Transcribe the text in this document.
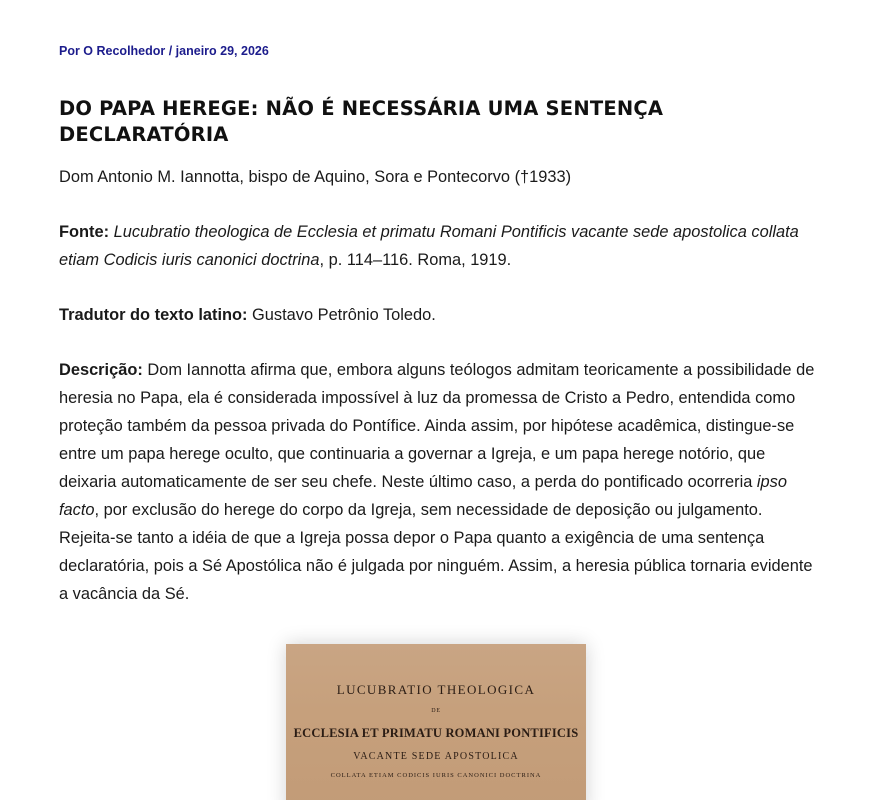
Por O Recolhedor / janeiro 29, 2026
DO PAPA HEREGE: NÃO É NECESSÁRIA UMA SENTENÇA DECLARATÓRIA

Dom Antonio M. Iannotta, bispo de Aquino, Sora e Pontecorvo (†1933)

Fonte: Lucubratio theologica de Ecclesia et primatu Romani Pontificis vacante sede apostolica collata etiam Codicis iuris canonici doctrina, p. 114–116. Roma, 1919.

Tradutor do texto latino: Gustavo Petrônio Toledo.

Descrição: Dom Iannotta afirma que, embora alguns teólogos admitam teoricamente a possibilidade de heresia no Papa, ela é considerada impossível à luz da promessa de Cristo a Pedro, entendida como proteção também da pessoa privada do Pontífice. Ainda assim, por hipótese acadêmica, distingue-se entre um papa herege oculto, que continuaria a governar a Igreja, e um papa herege notório, que deixaria automaticamente de ser seu chefe. Neste último caso, a perda do pontificado ocorreria ipso facto, por exclusão do herege do corpo da Igreja, sem necessidade de deposição ou julgamento. Rejeita-se tanto a idéia de que a Igreja possa depor o Papa quanto a exigência de uma sentença declaratória, pois a Sé Apostólica não é julgada por ninguém. Assim, a heresia pública tornaria evidente a vacância da Sé.

LUCUBRATIO THEOLOGICA
DE
ECCLESIA ET PRIMATU ROMANI PONTIFICIS
VACANTE SEDE APOSTOLICA
COLLATA ETIAM CODICIS IURIS CANONICI DOCTRINA
